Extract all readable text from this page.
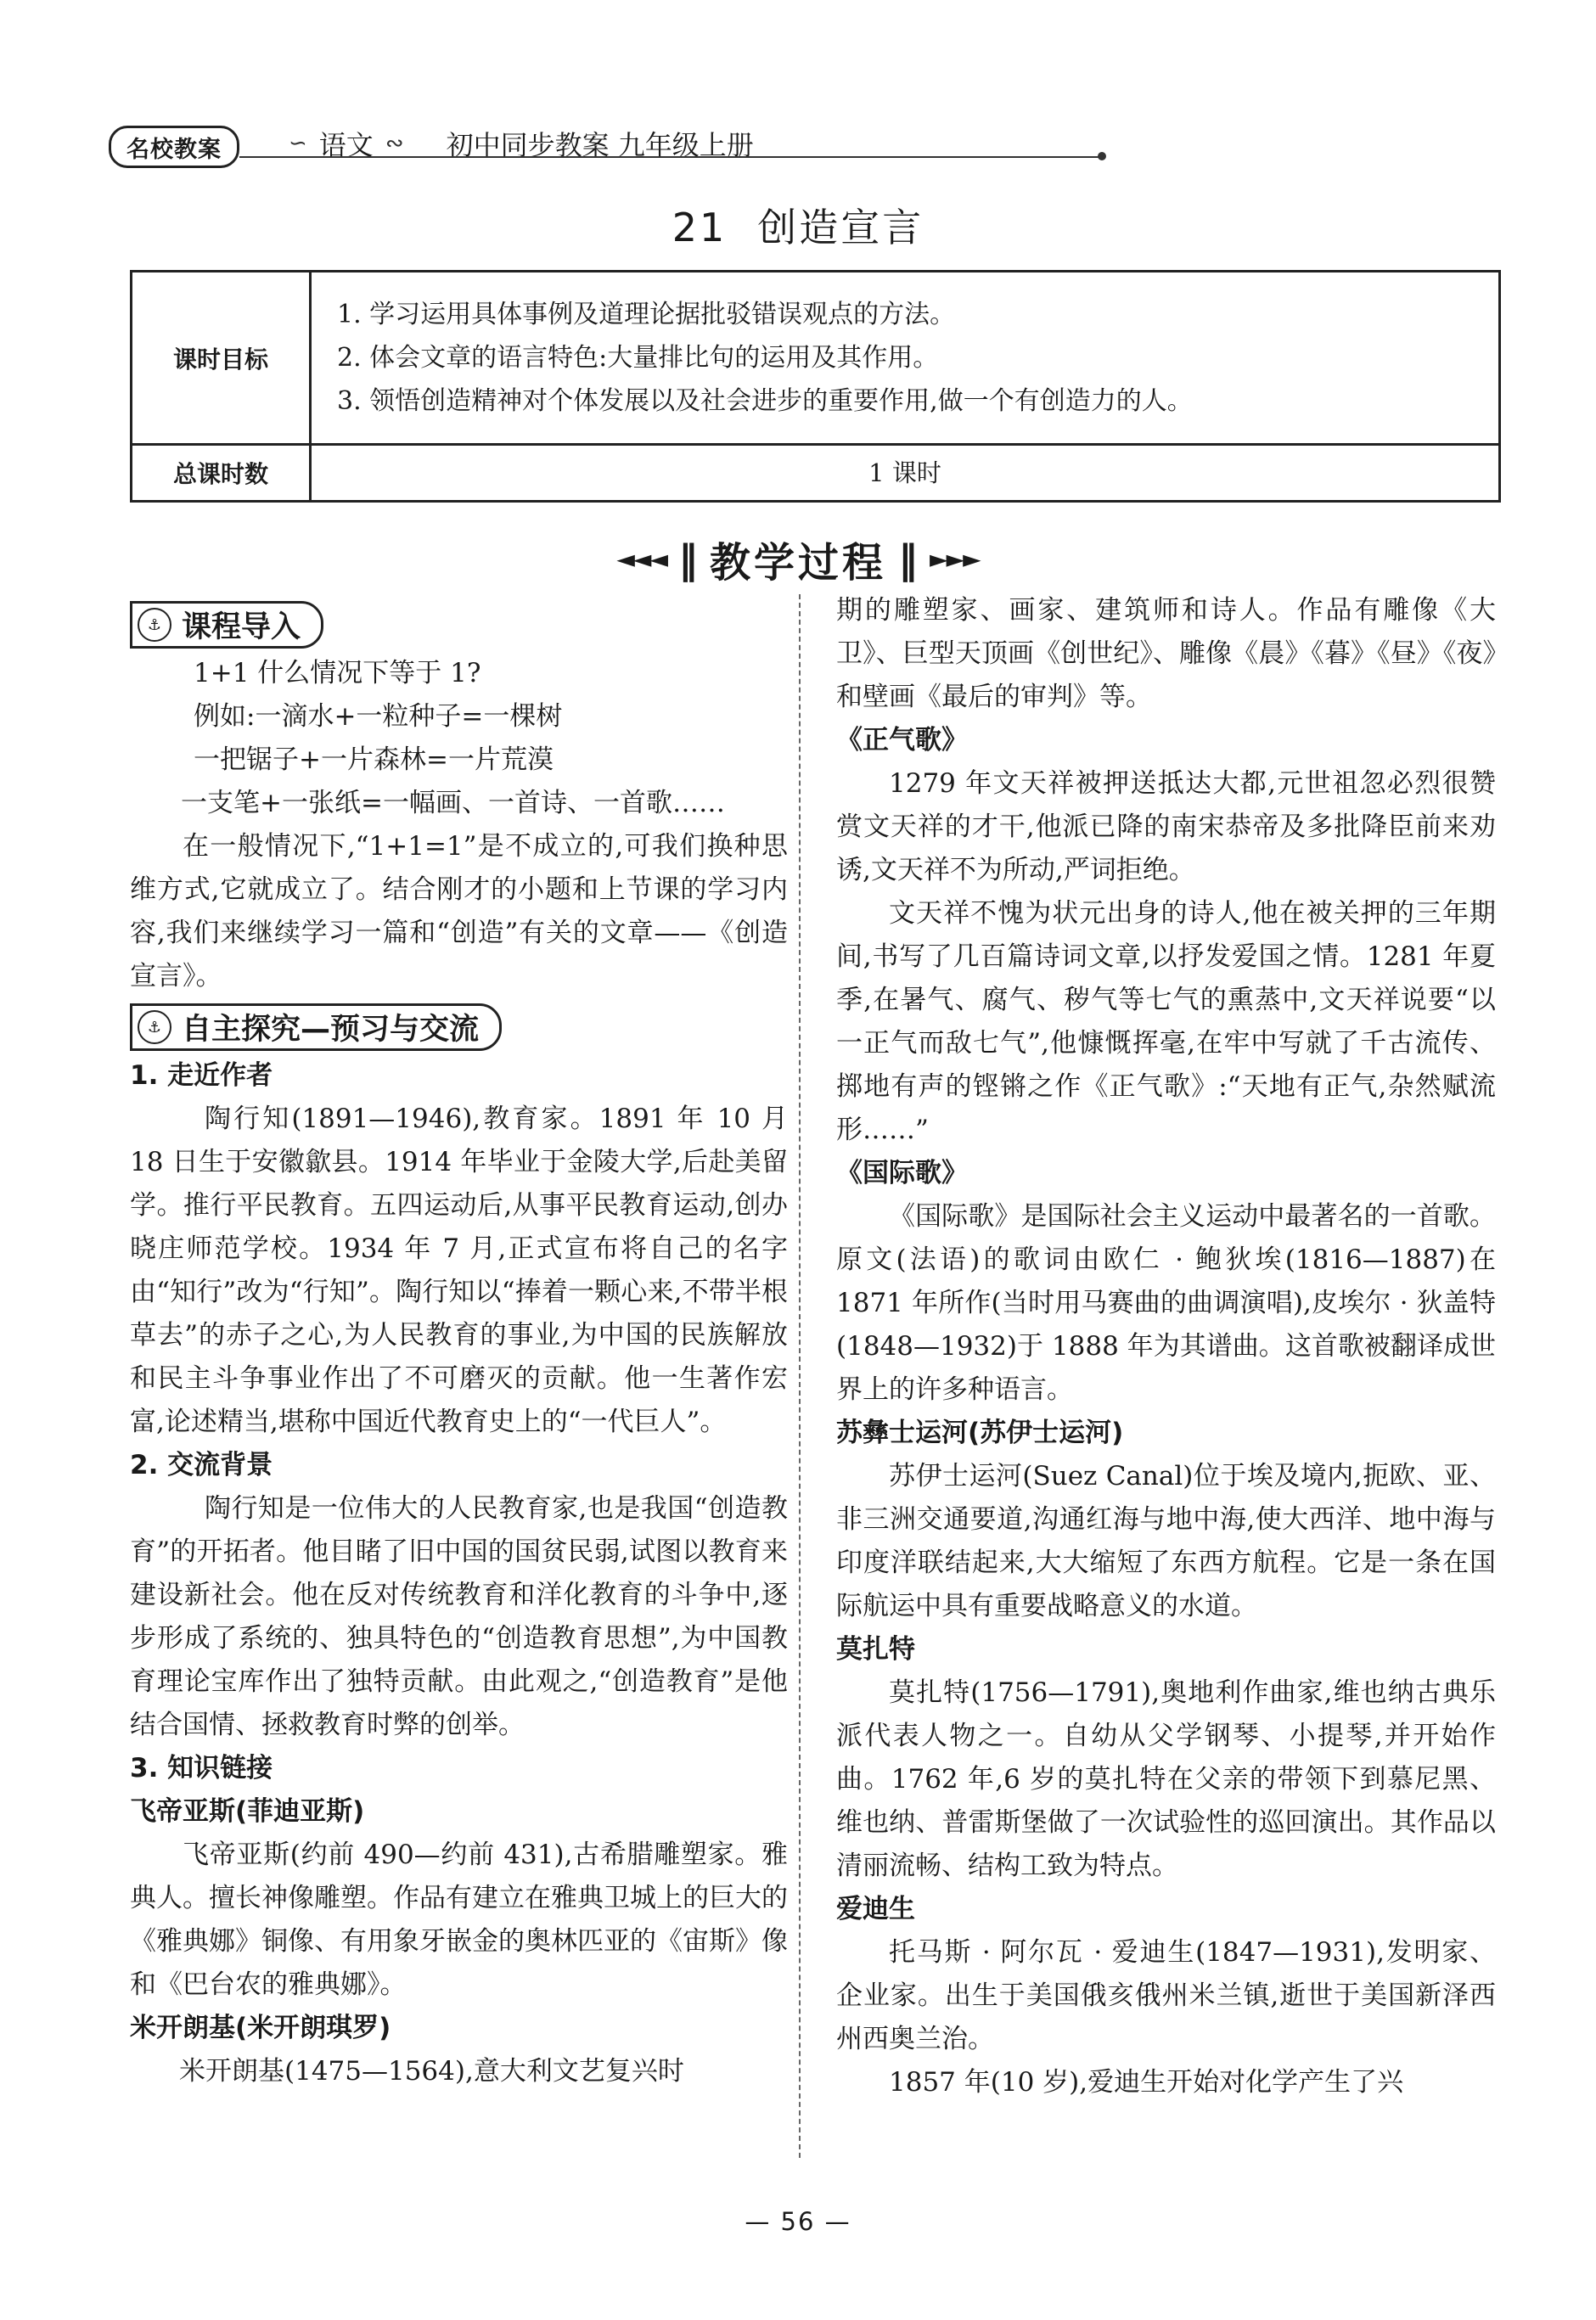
名校教案	∽ 语文 ∾ 初中同步教案 九年级上册
21 创造宣言
课时目标
1. 学习运用具体事例及道理论据批驳错误观点的方法。
2. 体会文章的语言特色:大量排比句的运用及其作用。
3. 领悟创造精神对个体发展以及社会进步的重要作用,做一个有创造力的人。
总课时数	1 课时
◄◄◄ ‖ 教学过程 ‖ ►►►
⚓ 课程导入

1+1 什么情况下等于 1?

例如:一滴水+一粒种子=一棵树

一把锯子+一片森林=一片荒漠

一支笔+一张纸=一幅画、一首诗、一首歌……

在一般情况下,“1+1=1”是不成立的,可我们换种思维方式,它就成立了。结合刚才的小题和上节课的学习内容,我们来继续学习一篇和“创造”有关的文章——《创造宣言》。

⚓ 自主探究—预习与交流

1. 走近作者

陶行知(1891—1946),教育家。1891 年 10 月 18 日生于安徽歙县。1914 年毕业于金陵大学,后赴美留学。推行平民教育。五四运动后,从事平民教育运动,创办晓庄师范学校。1934 年 7 月,正式宣布将自己的名字由“知行”改为“行知”。陶行知以“捧着一颗心来,不带半根草去”的赤子之心,为人民教育的事业,为中国的民族解放和民主斗争事业作出了不可磨灭的贡献。他一生著作宏富,论述精当,堪称中国近代教育史上的“一代巨人”。

2. 交流背景

陶行知是一位伟大的人民教育家,也是我国“创造教育”的开拓者。他目睹了旧中国的国贫民弱,试图以教育来建设新社会。他在反对传统教育和洋化教育的斗争中,逐步形成了系统的、独具特色的“创造教育思想”,为中国教育理论宝库作出了独特贡献。由此观之,“创造教育”是他结合国情、拯救教育时弊的创举。

3. 知识链接

飞帝亚斯(菲迪亚斯)

飞帝亚斯(约前 490—约前 431),古希腊雕塑家。雅典人。擅长神像雕塑。作品有建立在雅典卫城上的巨大的《雅典娜》铜像、有用象牙嵌金的奥林匹亚的《宙斯》像和《巴台农的雅典娜》。

米开朗基(米开朗琪罗)

米开朗基(1475—1564),意大利文艺复兴时

期的雕塑家、画家、建筑师和诗人。作品有雕像《大卫》、巨型天顶画《创世纪》、雕像《晨》《暮》《昼》《夜》和壁画《最后的审判》等。

《正气歌》

1279 年文天祥被押送抵达大都,元世祖忽必烈很赞赏文天祥的才干,他派已降的南宋恭帝及多批降臣前来劝诱,文天祥不为所动,严词拒绝。

文天祥不愧为状元出身的诗人,他在被关押的三年期间,书写了几百篇诗词文章,以抒发爱国之情。1281 年夏季,在暑气、腐气、秽气等七气的熏蒸中,文天祥说要“以一正气而敌七气”,他慷慨挥毫,在牢中写就了千古流传、掷地有声的铿锵之作《正气歌》:“天地有正气,杂然赋流形……”

《国际歌》

《国际歌》是国际社会主义运动中最著名的一首歌。原文(法语)的歌词由欧仁 · 鲍狄埃(1816—1887)在 1871 年所作(当时用马赛曲的曲调演唱),皮埃尔 · 狄盖特(1848—1932)于 1888 年为其谱曲。这首歌被翻译成世界上的许多种语言。

苏彝士运河(苏伊士运河)

苏伊士运河(Suez Canal)位于埃及境内,扼欧、亚、非三洲交通要道,沟通红海与地中海,使大西洋、地中海与印度洋联结起来,大大缩短了东西方航程。它是一条在国际航运中具有重要战略意义的水道。

莫扎特

莫扎特(1756—1791),奥地利作曲家,维也纳古典乐派代表人物之一。自幼从父学钢琴、小提琴,并开始作曲。1762 年,6 岁的莫扎特在父亲的带领下到慕尼黑、维也纳、普雷斯堡做了一次试验性的巡回演出。其作品以清丽流畅、结构工致为特点。

爱迪生

托马斯 · 阿尔瓦 · 爱迪生(1847—1931),发明家、企业家。出生于美国俄亥俄州米兰镇,逝世于美国新泽西州西奥兰治。

1857 年(10 岁),爱迪生开始对化学产生了兴

— 56 —
